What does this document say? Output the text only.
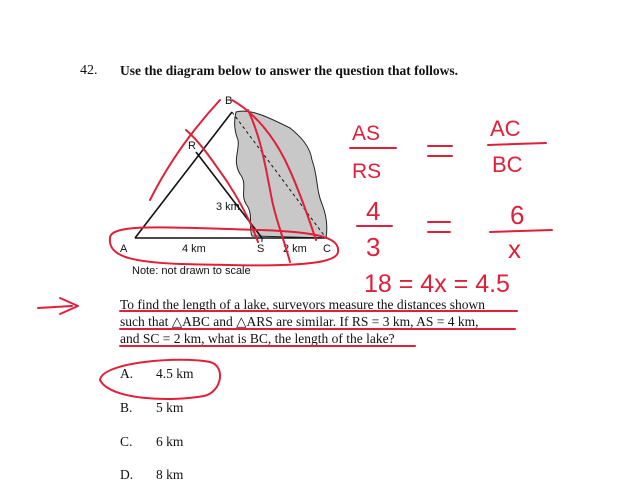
42. Use the diagram below to answer the question that follows.
B
R
A	S	C
3 km
4 km	2 km
Note: not drawn to scale
To find the length of a lake, surveyors measure the distances shown
such that △ABC and △ARS are similar. If RS = 3 km, AS = 4 km,
and SC = 2 km, what is BC, the length of the lake?
A. 4.5 km
B. 5 km
C. 6 km
D. 8 km
AS
RS
AC
BC
4
3
6
x
18 = 4x = 4.5
